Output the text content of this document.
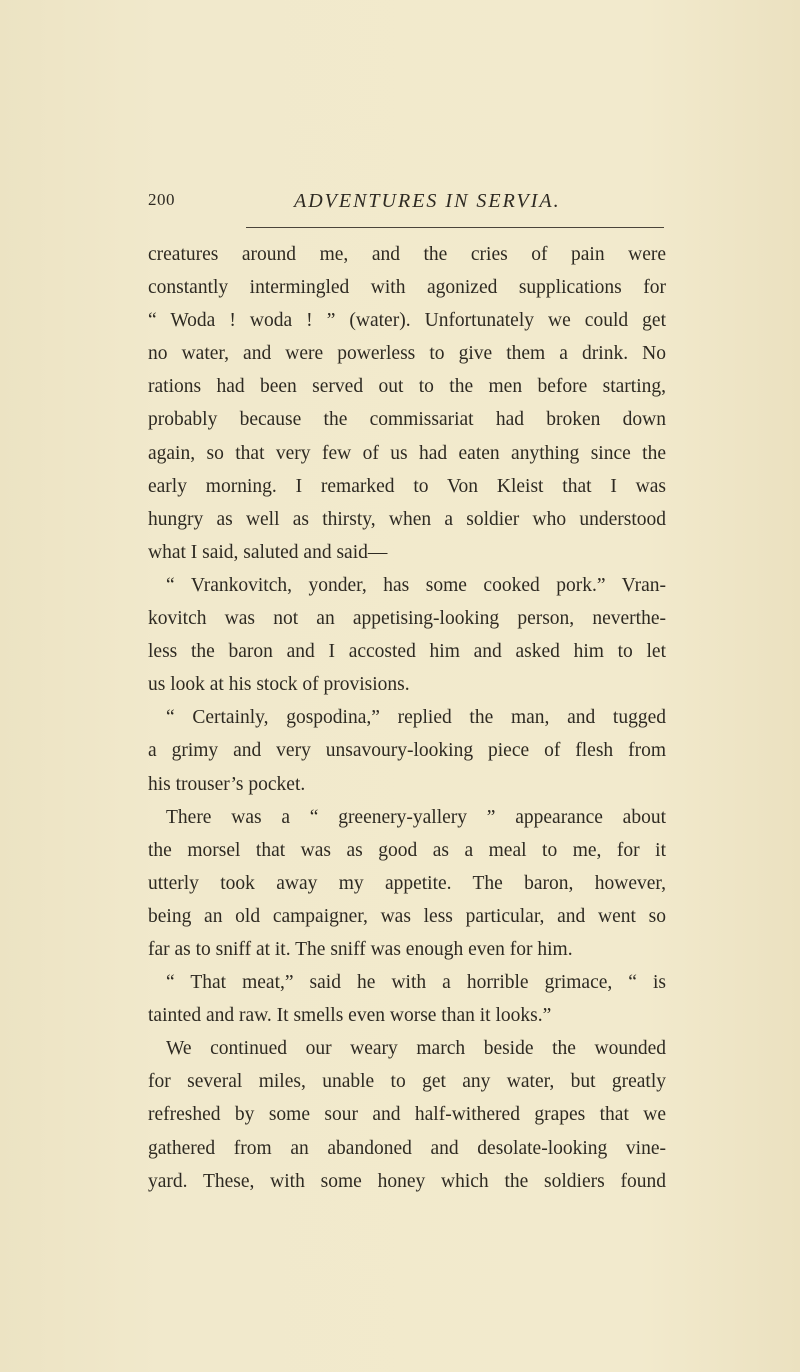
200	ADVENTURES IN SERVIA.
creatures around me, and the cries of pain were
constantly intermingled with agonized supplications for
“ Woda ! woda ! ” (water). Unfortunately we could get
no water, and were powerless to give them a drink. No
rations had been served out to the men before starting,
probably because the commissariat had broken down
again, so that very few of us had eaten anything since the
early morning. I remarked to Von Kleist that I was
hungry as well as thirsty, when a soldier who understood
what I said, saluted and said—
“ Vrankovitch, yonder, has some cooked pork.” Vran-
kovitch was not an appetising-looking person, neverthe-
less the baron and I accosted him and asked him to let
us look at his stock of provisions.
“ Certainly, gospodina,” replied the man, and tugged
a grimy and very unsavoury-looking piece of flesh from
his trouser’s pocket.
There was a “ greenery-yallery ” appearance about
the morsel that was as good as a meal to me, for it
utterly took away my appetite. The baron, however,
being an old campaigner, was less particular, and went so
far as to sniff at it. The sniff was enough even for him.
“ That meat,” said he with a horrible grimace, “ is
tainted and raw. It smells even worse than it looks.”
We continued our weary march beside the wounded
for several miles, unable to get any water, but greatly
refreshed by some sour and half-withered grapes that we
gathered from an abandoned and desolate-looking vine-
yard. These, with some honey which the soldiers found
